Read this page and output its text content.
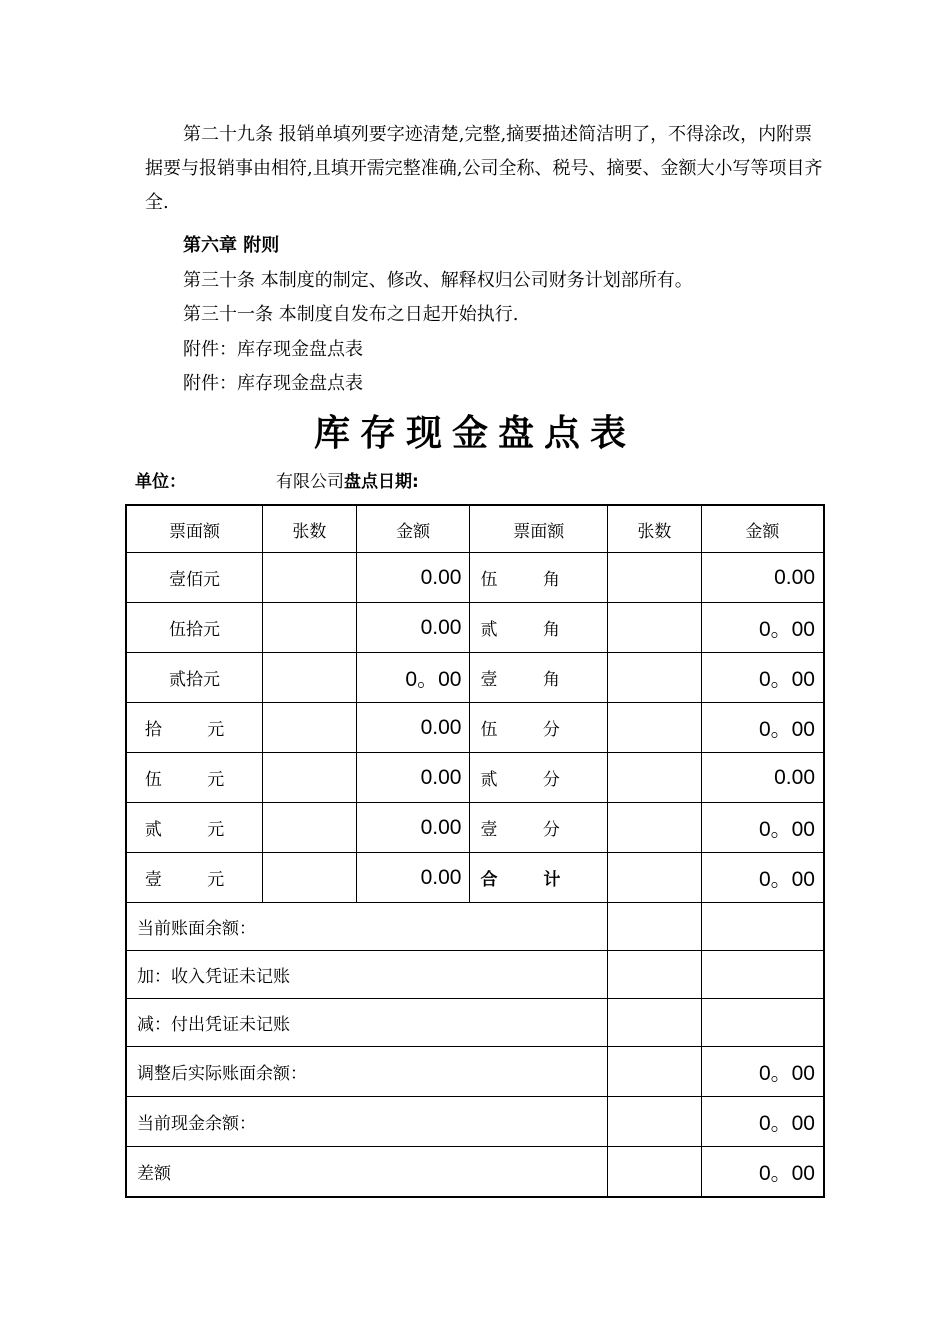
第二十九条 报销单填列要字迹清楚,完整,摘要描述简洁明了，不得涂改，内附票据要与报销事由相符,且填开需完整准确,公司全称、税号、摘要、金额大小写等项目齐全.
第六章 附则
第三十条 本制度的制定、修改、解释权归公司财务计划部所有。
第三十一条 本制度自发布之日起开始执行.
附件：库存现金盘点表
附件：库存现金盘点表
库存现金盘点表
单位：	有限公司盘点日期:
票面额	张数	金额	票面额	张数	金额
壹佰元		0.00	伍 角		0.00
伍拾元		0.00	贰 角		0。00
贰拾元		0。00	壹 角		0。00
拾 元		0.00	伍 分		0。00
伍 元		0.00	贰 分		0.00
贰 元		0.00	壹 分		0。00
壹 元		0.00	合 计		0。00
当前账面余额：					
加：收入凭证未记账					
减：付出凭证未记账					
调整后实际账面余额：					0。00
当前现金余额：					0。00
差额					0。00
